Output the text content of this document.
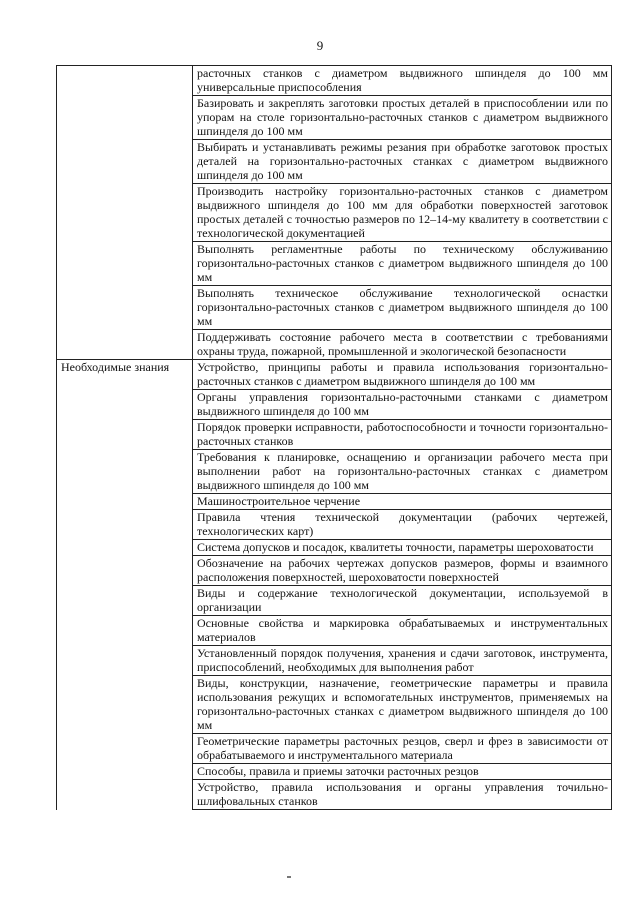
9
	расточных станков с диаметром выдвижного шпинделя до 100 мм универсальные приспособления
	Базировать и закреплять заготовки простых деталей в приспособлении или по упорам на столе горизонтально-расточных станков с диаметром выдвижного шпинделя до 100 мм
	Выбирать и устанавливать режимы резания при обработке заготовок простых деталей на горизонтально-расточных станках с диаметром выдвижного шпинделя до 100 мм
	Производить настройку горизонтально-расточных станков с диаметром выдвижного шпинделя до 100 мм для обработки поверхностей заготовок простых деталей с точностью размеров по 12–14-му квалитету в соответствии с технологической документацией
	Выполнять регламентные работы по техническому обслуживанию горизонтально-расточных станков с диаметром выдвижного шпинделя до 100 мм
	Выполнять техническое обслуживание технологической оснастки горизонтально-расточных станков с диаметром выдвижного шпинделя до 100 мм
	Поддерживать состояние рабочего места в соответствии с требованиями охраны труда, пожарной, промышленной и экологической безопасности
Необходимые знания	Устройство, принципы работы и правила использования горизонтально-расточных станков с диаметром выдвижного шпинделя до 100 мм
	Органы управления горизонтально-расточными станками с диаметром выдвижного шпинделя до 100 мм
	Порядок проверки исправности, работоспособности и точности горизонтально-расточных станков
	Требования к планировке, оснащению и организации рабочего места при выполнении работ на горизонтально-расточных станках с диаметром выдвижного шпинделя до 100 мм
	Машиностроительное черчение
	Правила чтения технической документации (рабочих чертежей, технологических карт)
	Система допусков и посадок, квалитеты точности, параметры шероховатости
	Обозначение на рабочих чертежах допусков размеров, формы и взаимного расположения поверхностей, шероховатости поверхностей
	Виды и содержание технологической документации, используемой в организации
	Основные свойства и маркировка обрабатываемых и инструментальных материалов
	Установленный порядок получения, хранения и сдачи заготовок, инструмента, приспособлений, необходимых для выполнения работ
	Виды, конструкции, назначение, геометрические параметры и правила использования режущих и вспомогательных инструментов, применяемых на горизонтально-расточных станках с диаметром выдвижного шпинделя до 100 мм
	Геометрические параметры расточных резцов, сверл и фрез в зависимости от обрабатываемого и инструментального материала
	Способы, правила и приемы заточки расточных резцов
	Устройство, правила использования и органы управления точильно-шлифовальных станков
